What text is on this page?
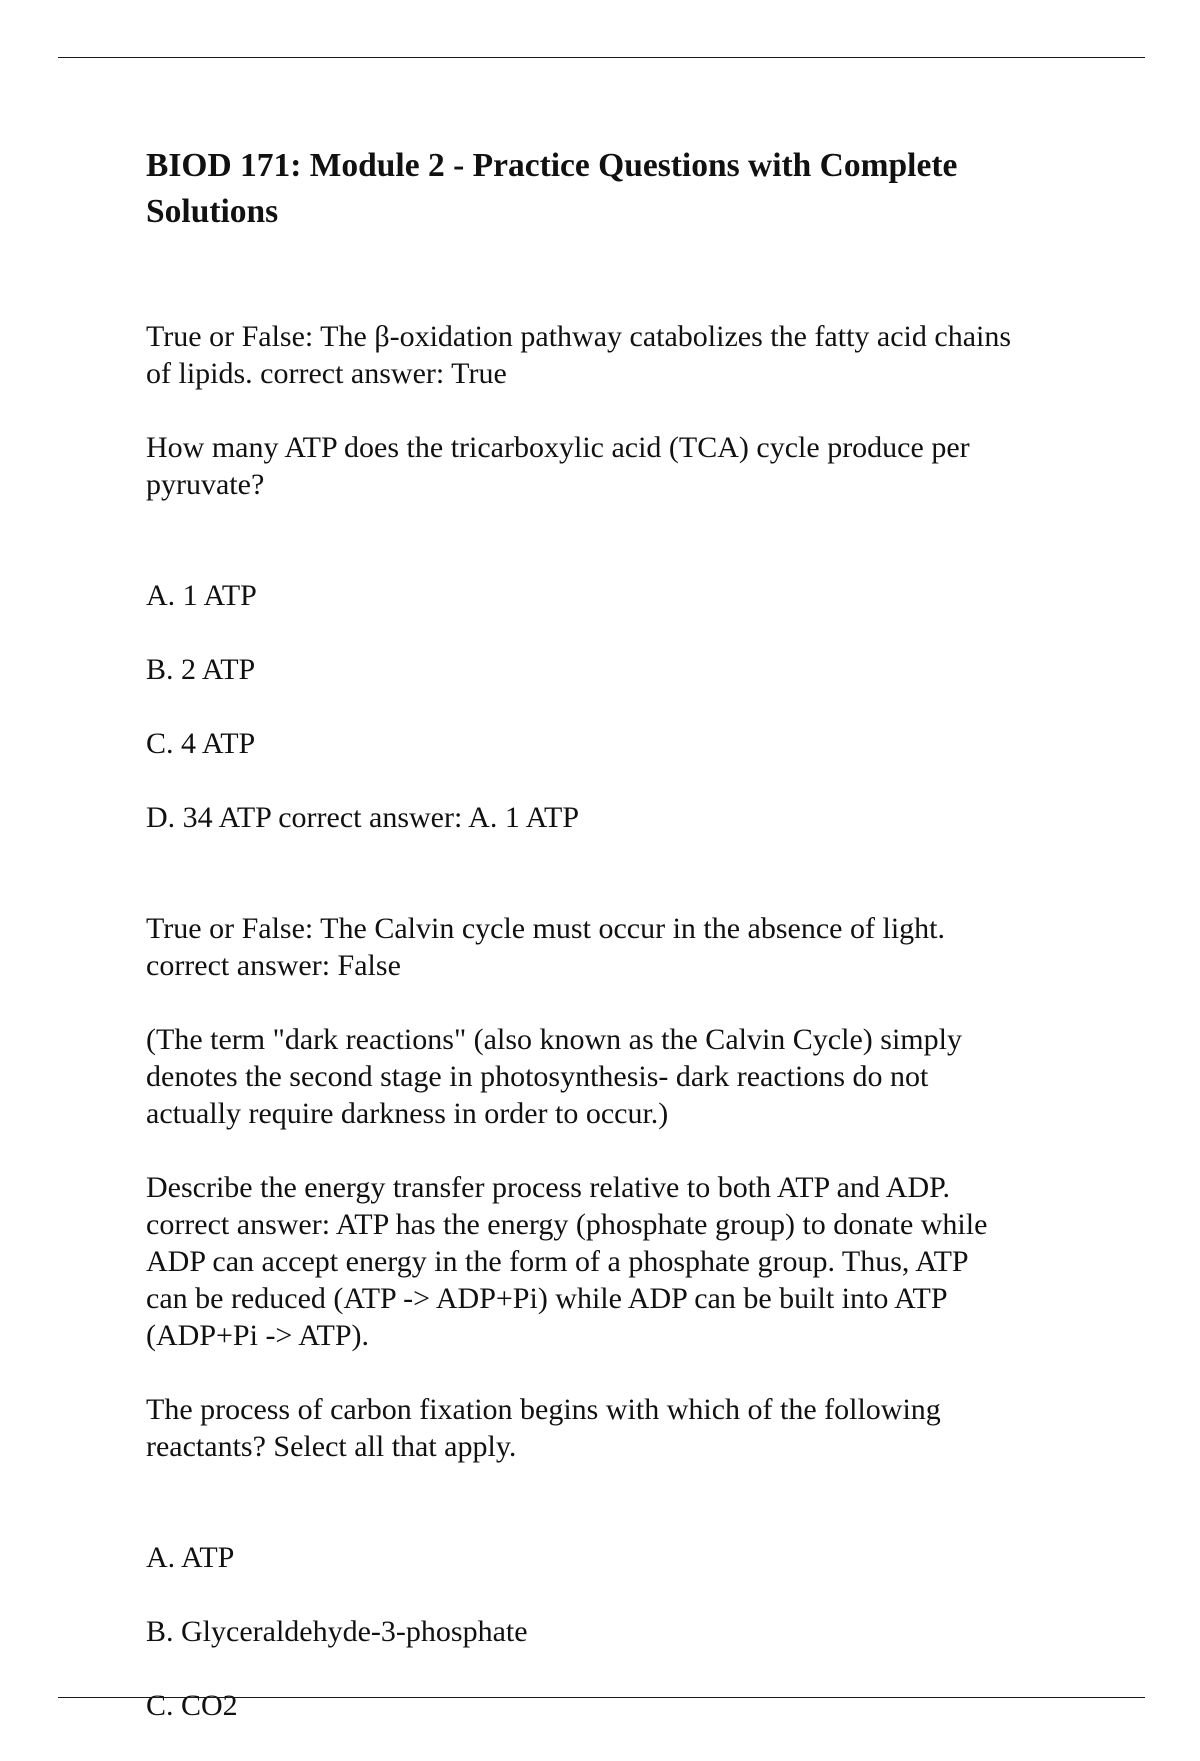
BIOD 171: Module 2 - Practice Questions with Complete Solutions

True or False: The β-oxidation pathway catabolizes the fatty acid chains
of lipids. correct answer: True

How many ATP does the tricarboxylic acid (TCA) cycle produce per
pyruvate?

A. 1 ATP

B. 2 ATP

C. 4 ATP

D. 34 ATP correct answer: A. 1 ATP

True or False: The Calvin cycle must occur in the absence of light.
correct answer: False

(The term "dark reactions" (also known as the Calvin Cycle) simply
denotes the second stage in photosynthesis- dark reactions do not
actually require darkness in order to occur.)

Describe the energy transfer process relative to both ATP and ADP.
correct answer: ATP has the energy (phosphate group) to donate while
ADP can accept energy in the form of a phosphate group. Thus, ATP
can be reduced (ATP -> ADP+Pi) while ADP can be built into ATP
(ADP+Pi -> ATP).

The process of carbon fixation begins with which of the following
reactants? Select all that apply.

A. ATP

B. Glyceraldehyde-3-phosphate

C. CO2
